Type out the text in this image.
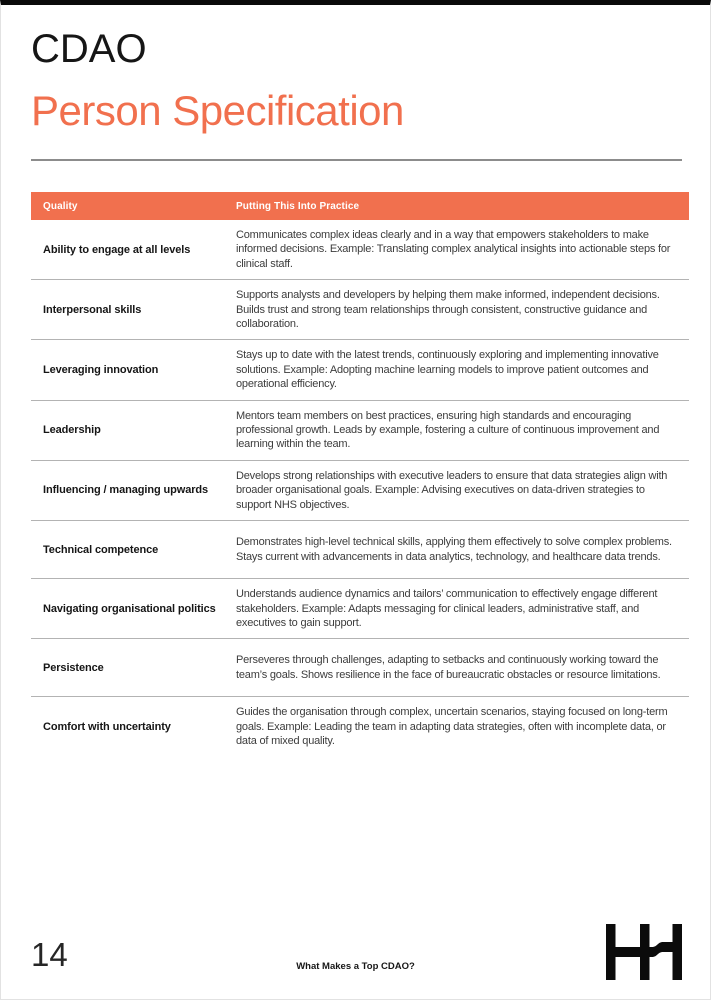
CDAO
Person Specification
Quality	Putting This Into Practice
Ability to engage at all levels	Communicates complex ideas clearly and in a way that empowers stakeholders to make informed decisions. Example: Translating complex analytical insights into actionable steps for clinical staff.
Interpersonal skills	Supports analysts and developers by helping them make informed, independent decisions. Builds trust and strong team relationships through consistent, constructive guidance and collaboration.
Leveraging innovation	Stays up to date with the latest trends, continuously exploring and implementing innovative solutions. Example: Adopting machine learning models to improve patient outcomes and operational efficiency.
Leadership	Mentors team members on best practices, ensuring high standards and encouraging professional growth. Leads by example, fostering a culture of continuous improvement and learning within the team.
Influencing / managing upwards	Develops strong relationships with executive leaders to ensure that data strategies align with broader organisational goals. Example: Advising executives on data-driven strategies to support NHS objectives.
Technical competence	Demonstrates high-level technical skills, applying them effectively to solve complex problems. Stays current with advancements in data analytics, technology, and healthcare data trends.
Navigating organisational politics	Understands audience dynamics and tailors’ communication to effectively engage different stakeholders. Example: Adapts messaging for clinical leaders, administrative staff, and executives to gain support.
Persistence	Perseveres through challenges, adapting to setbacks and continuously working toward the team’s goals. Shows resilience in the face of bureaucratic obstacles or resource limitations.
Comfort with uncertainty	Guides the organisation through complex, uncertain scenarios, staying focused on long-term goals. Example: Leading the team in adapting data strategies, often with incomplete data, or data of mixed quality.
14	What Makes a Top CDAO?
